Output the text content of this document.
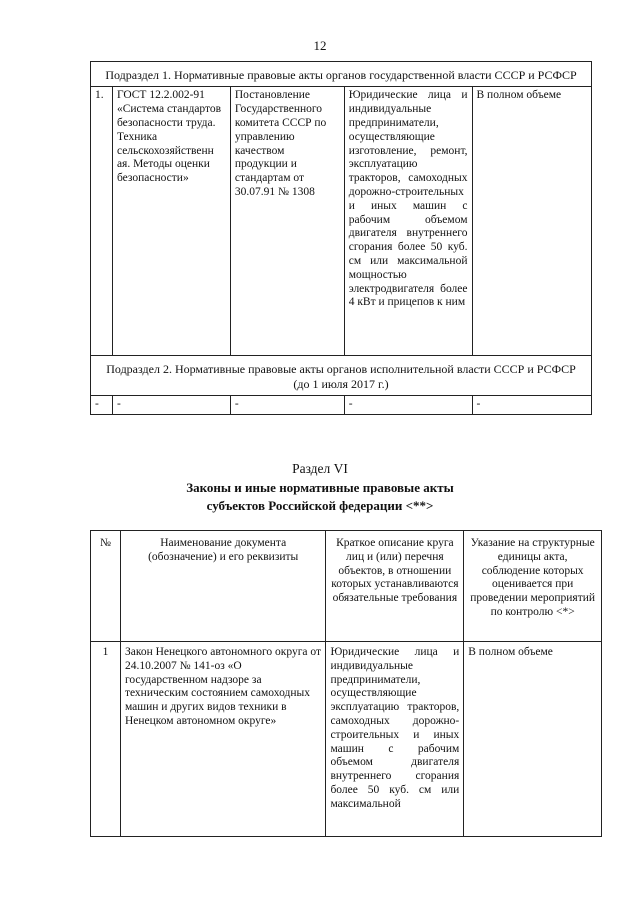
12
Подраздел 1. Нормативные правовые акты органов государственной власти СССР и РСФСР				
1.	ГОСТ 12.2.002-91 «Система стандартов безопасности труда. Техника сельскохозяйственн ая. Методы оценки безопасности»	Постановление Государственного комитета СССР по управлению качеством продукции и стандартам от 30.07.91 № 1308	Юридические лица и индивидуальные предприниматели, осуществляющие изготовление, ремонт, эксплуатацию тракторов, самоходных дорожно-строительных и иных машин с рабочим объемом двигателя внутреннего сгорания более 50 куб. см или максимальной мощностью электродвигателя более 4 кВт и прицепов к ним	В полном объеме
Подраздел 2. Нормативные правовые акты органов исполнительной власти СССР и РСФСР (до 1 июля 2017 г.)				
-	-	-	-	-
Раздел VI
Законы и иные нормативные правовые акты
субъектов Российской федерации <**>
№	Наименование документа (обозначение) и его реквизиты	Краткое описание круга лиц и (или) перечня объектов, в отношении которых устанавливаются обязательные требования	Указание на структурные единицы акта, соблюдение которых оценивается при проведении мероприятий по контролю <*>
1	Закон Ненецкого автономного округа от 24.10.2007 № 141-оз «О государственном надзоре за техническим состоянием самоходных машин и других видов техники в Ненецком автономном округе»	Юридические лица и индивидуальные предприниматели, осуществляющие эксплуатацию тракторов, самоходных дорожно-строительных и иных машин с рабочим объемом двигателя внутреннего сгорания более 50 куб. см или максимальной	В полном объеме
